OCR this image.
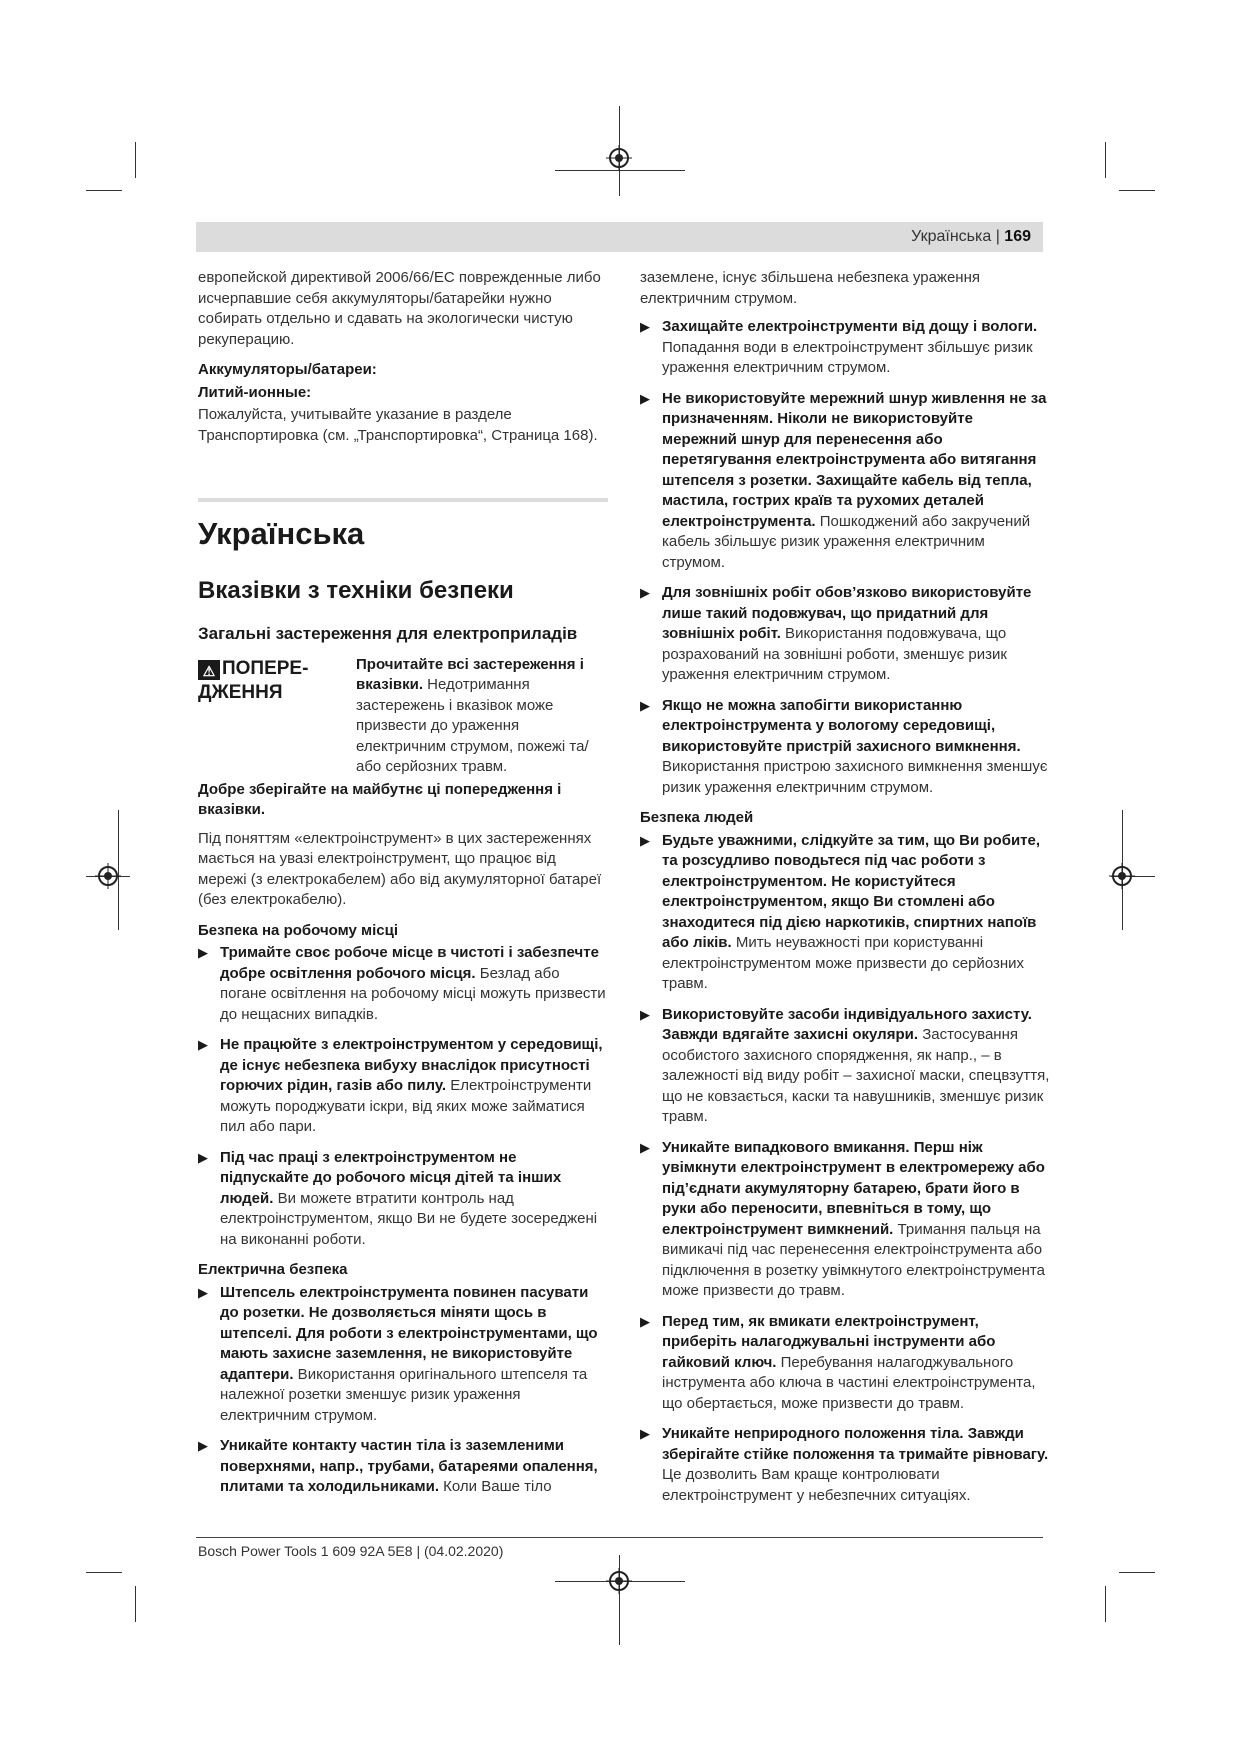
Українська | 169

европейской директивой 2006/66/EC поврежденные либо исчерпавшие себя аккумуляторы/батарейки нужно собирать отдельно и сдавать на экологически чистую рекуперацию.

Аккумуляторы/батареи:
Литий-ионные:

Пожалуйста, учитывайте указание в разделе Транспортировка (см. „Транспортировка“, Страница 168).

Українська
Вказівки з техніки безпеки
Загальні застереження для електроприладів
⚠ ПОПЕРЕ-ДЖЕННЯ
Прочитайте всі застереження і вказівки. Недотримання застережень і вказівок може призвести до ураження електричним струмом, пожежі та/або серйозних травм.

Добре зберігайте на майбутнє ці попередження і вказівки.

Під поняттям «електроінструмент» в цих застереженнях мається на увазі електроінструмент, що працює від мережі (з електрокабелем) або від акумуляторної батареї (без електрокабелю).

Безпека на робочому місці
▶ Тримайте своє робоче місце в чистоті і забезпечте добре освітлення робочого місця. Безлад або погане освітлення на робочому місці можуть призвести до нещасних випадків.
▶ Не працюйте з електроінструментом у середовищі, де існує небезпека вибуху внаслідок присутності горючих рідин, газів або пилу. Електроінструменти можуть породжувати іскри, від яких може займатися пил або пари.
▶ Під час праці з електроінструментом не підпускайте до робочого місця дітей та інших людей. Ви можете втратити контроль над електроінструментом, якщо Ви не будете зосереджені на виконанні роботи.
Електрична безпека
▶ Штепсель електроінструмента повинен пасувати до розетки. Не дозволяється міняти щось в штепселі. Для роботи з електроінструментами, що мають захисне заземлення, не використовуйте адаптери. Використання оригінального штепселя та належної розетки зменшує ризик ураження електричним струмом.
▶ Уникайте контакту частин тіла із заземленими поверхнями, напр., трубами, батареями опалення, плитами та холодильниками. Коли Ваше тіло

заземлене, існує збільшена небезпека ураження електричним струмом.

▶ Захищайте електроінструменти від дощу і вологи. Попадання води в електроінструмент збільшує ризик ураження електричним струмом.
▶ Не використовуйте мережний шнур живлення не за призначенням. Ніколи не використовуйте мережний шнур для перенесення або перетягування електроінструмента або витягання штепселя з розетки. Захищайте кабель від тепла, мастила, гострих країв та рухомих деталей електроінструмента. Пошкоджений або закручений кабель збільшує ризик ураження електричним струмом.
▶ Для зовнішніх робіт обов’язково використовуйте лише такий подовжувач, що придатний для зовнішніх робіт. Використання подовжувача, що розрахований на зовнішні роботи, зменшує ризик ураження електричним струмом.
▶ Якщо не можна запобігти використанню електроінструмента у вологому середовищі, використовуйте пристрій захисного вимкнення. Використання пристрою захисного вимкнення зменшує ризик ураження електричним струмом.
Безпека людей
▶ Будьте уважними, слідкуйте за тим, що Ви робите, та розсудливо поводьтеся під час роботи з електроінструментом. Не користуйтеся електроінструментом, якщо Ви стомлені або знаходитеся під дією наркотиків, спиртних напоїв або ліків. Мить неуважності при користуванні електроінструментом може призвести до серйозних травм.
▶ Використовуйте засоби індивідуального захисту. Завжди вдягайте захисні окуляри. Застосування особистого захисного спорядження, як напр., – в залежності від виду робіт – захисної маски, спецвзуття, що не ковзається, каски та навушників, зменшує ризик травм.
▶ Уникайте випадкового вмикання. Перш ніж увімкнути електроінструмент в електромережу або під’єднати акумуляторну батарею, брати його в руки або переносити, впевніться в тому, що електроінструмент вимкнений. Тримання пальця на вимикачі під час перенесення електроінструмента або підключення в розетку увімкнутого електроінструмента може призвести до травм.
▶ Перед тим, як вмикати електроінструмент, приберіть налагоджувальні інструменти або гайковий ключ. Перебування налагоджувального інструмента або ключа в частині електроінструмента, що обертається, може призвести до травм.
▶ Уникайте неприродного положення тіла. Завжди зберігайте стійке положення та тримайте рівновагу. Це дозволить Вам краще контролювати електроінструмент у небезпечних ситуаціях.
Bosch Power Tools 1 609 92A 5E8 | (04.02.2020)
